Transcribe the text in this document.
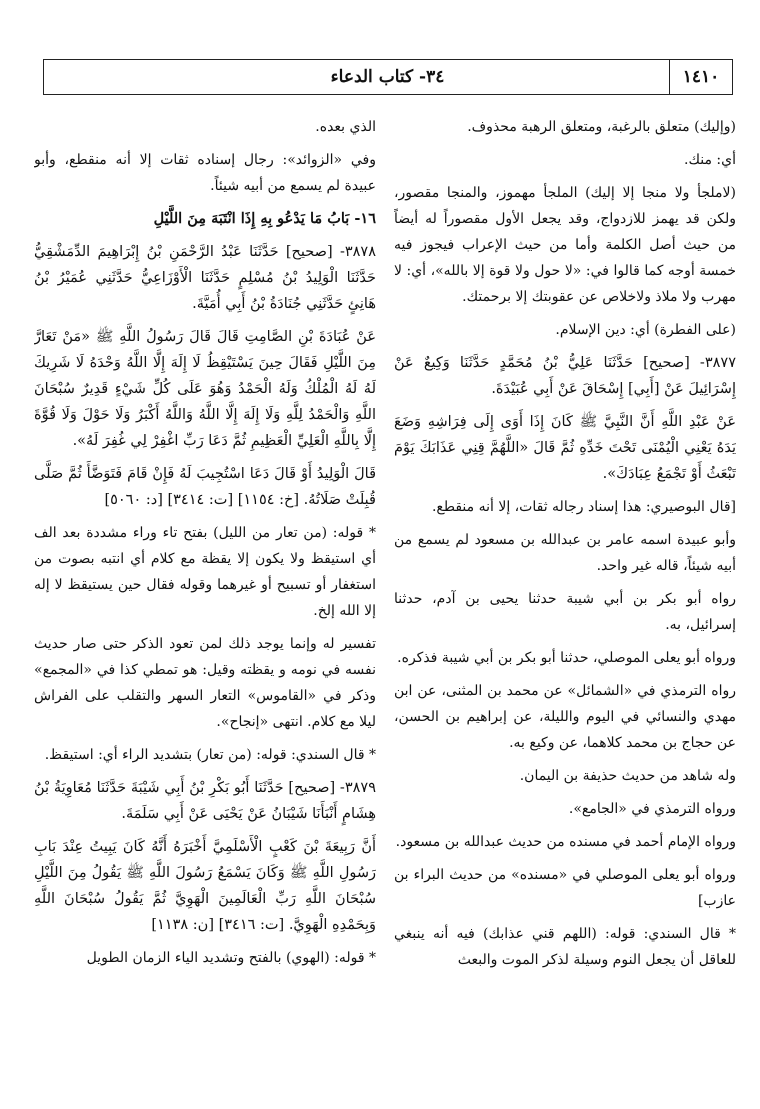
١٤١٠
٣٤- كتاب الدعاء

(وإليك) متعلق بالرغبة، ومتعلق الرهبة محذوف.

أي: منك.

(لاملجأ ولا منجا إلا إليك) الملجأ مهموز، والمنجا مقصور، ولكن قد يهمز للازدواج، وقد يجعل الأول مقصوراً له أيضاً من حيث أصل الكلمة وأما من حيث الإعراب فيجوز فيه خمسة أوجه كما قالوا في: «لا حول ولا قوة إلا بالله»، أي: لا مهرب ولا ملاذ ولاخلاص عن عقوبتك إلا برحمتك.

(على الفطرة) أي: دين الإسلام.

٣٨٧٧- [صحيح] حَدَّثَنَا عَلِيُّ بْنُ مُحَمَّدٍ حَدَّثَنَا وَكِيعٌ عَنْ إِسْرَائِيلَ عَنْ [أَبِي] إِسْحَاقَ عَنْ أَبِي عُبَيْدَةَ.

عَنْ عَبْدِ اللَّهِ أَنَّ النَّبِيَّ ﷺ كَانَ إِذَا أَوَى إِلَى فِرَاشِهِ وَضَعَ يَدَهُ يَعْنِي الْيُمْنَى تَحْتَ خَدِّهِ ثُمَّ قَالَ «اللَّهُمَّ قِنِي عَذَابَكَ يَوْمَ تَبْعَثُ أَوْ تَجْمَعُ عِبَادَكَ».

[قال البوصيري: هذا إسناد رجاله ثقات، إلا أنه منقطع.

وأبو عبيدة اسمه عامر بن عبدالله بن مسعود لم يسمع من أبيه شيئاً، قاله غير واحد.

رواه أبو بكر بن أبي شيبة حدثنا يحيى بن آدم، حدثنا إسرائيل، به.

ورواه أبو يعلى الموصلي، حدثنا أبو بكر بن أبي شيبة فذكره.

رواه الترمذي في «الشمائل» عن محمد بن المثنى، عن ابن مهدي والنسائي في اليوم والليلة، عن إبراهيم بن الحسن، عن حجاج بن محمد كلاهما، عن وكيع به.

وله شاهد من حديث حذيفة بن اليمان.

ورواه الترمذي في «الجامع».

ورواه الإمام أحمد في مسنده من حديث عبدالله بن مسعود.

ورواه أبو يعلى الموصلي في «مسنده» من حديث البراء بن عازب]

* قال السندي: قوله: (اللهم قني عذابك) فيه أنه ينبغي للعاقل أن يجعل النوم وسيلة لذكر الموت والبعث

الذي بعده.

وفي «الزوائد»: رجال إسناده ثقات إلا أنه منقطع، وأبو عبيدة لم يسمع من أبيه شيئاً.

١٦- بَابُ مَا يَدْعُو بِهِ إِذَا انْتَبَهَ مِنَ اللَّيْلِ

٣٨٧٨- [صحيح] حَدَّثَنَا عَبْدُ الرَّحْمَنِ بْنُ إِبْرَاهِيمَ الدِّمَشْقِيُّ حَدَّثَنَا الْوَلِيدُ بْنُ مُسْلِمٍ حَدَّثَنَا الْأَوْزَاعِيُّ حَدَّثَنِي عُمَيْرُ بْنُ هَانِئٍ حَدَّثَنِي جُنَادَةُ بْنُ أَبِي أُمَيَّةَ.

عَنْ عُبَادَةَ بْنِ الصَّامِتِ قَالَ قَالَ رَسُولُ اللَّهِ ﷺ «مَنْ تَعَارَّ مِنَ اللَّيْلِ فَقَالَ حِينَ يَسْتَيْقِظُ لَا إِلَهَ إِلَّا اللَّهُ وَحْدَهُ لَا شَرِيكَ لَهُ لَهُ الْمُلْكُ وَلَهُ الْحَمْدُ وَهُوَ عَلَى كُلِّ شَيْءٍ قَدِيرٌ سُبْحَانَ اللَّهِ وَالْحَمْدُ لِلَّهِ وَلَا إِلَهَ إِلَّا اللَّهُ وَاللَّهُ أَكْبَرُ وَلَا حَوْلَ وَلَا قُوَّةَ إِلَّا بِاللَّهِ الْعَلِيِّ الْعَظِيمِ ثُمَّ دَعَا رَبِّ اغْفِرْ لِي غُفِرَ لَهُ».

قَالَ الْوَلِيدُ أَوْ قَالَ دَعَا اسْتُجِيبَ لَهُ فَإِنْ قَامَ فَتَوَضَّأَ ثُمَّ صَلَّى قُبِلَتْ صَلَاتُهُ. [خ: ١١٥٤] [ت: ٣٤١٤] [د: ٥٠٦٠]

* قوله: (من تعار من الليل) بفتح تاء وراء مشددة بعد الف أي استيقظ ولا يكون إلا يقظة مع كلام أي انتبه بصوت من استغفار أو تسبيح أو غيرهما وقوله فقال حين يستيقظ لا إله إلا الله إلخ.

تفسير له وإنما يوجد ذلك لمن تعود الذكر حتى صار حديث نفسه في نومه و يقظته وقيل: هو تمطي كذا في «المجمع» وذكر في «القاموس» التعار السهر والتقلب على الفراش ليلا مع كلام. انتهى «إنجاح».

* قال السندي: قوله: (من تعار) بتشديد الراء أي: استيقظ.

٣٨٧٩- [صحيح] حَدَّثَنَا أَبُو بَكْرِ بْنُ أَبِي شَيْبَةَ حَدَّثَنَا مُعَاوِيَةُ بْنُ هِشَامٍ أَنْبَأَنَا شَيْبَانُ عَنْ يَحْيَى عَنْ أَبِي سَلَمَةَ.

أَنَّ رَبِيعَةَ بْنَ كَعْبٍ الْأَسْلَمِيَّ أَخْبَرَهُ أَنَّهُ كَانَ يَبِيتُ عِنْدَ بَابِ رَسُولِ اللَّهِ ﷺ وَكَانَ يَسْمَعُ رَسُولَ اللَّهِ ﷺ يَقُولُ مِنَ اللَّيْلِ سُبْحَانَ اللَّهِ رَبِّ الْعَالَمِينَ الْهَوِيَّ ثُمَّ يَقُولُ سُبْحَانَ اللَّهِ وَبِحَمْدِهِ الْهَوِيَّ. [ت: ٣٤١٦] [ن: ١١٣٨]

* قوله: (الهوي) بالفتح وتشديد الياء الزمان الطويل
